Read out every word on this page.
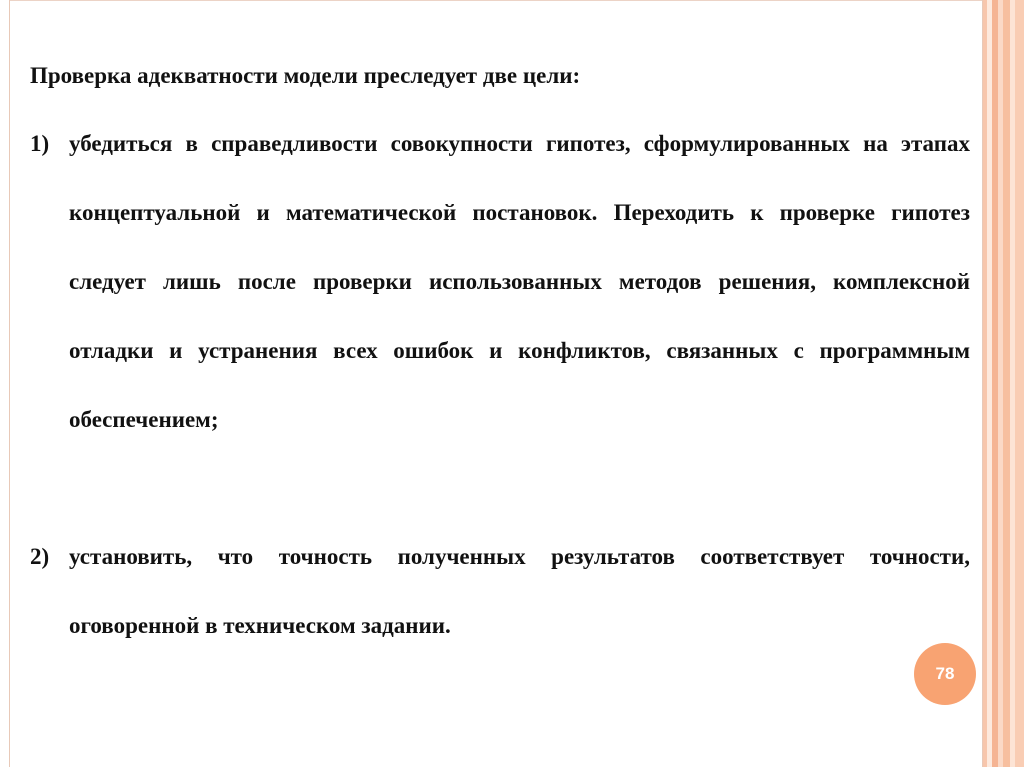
Проверка адекватности модели преследует две цели:
1) убедиться в справедливости совокупности гипотез, сформулированных на этапах концептуальной и математической постановок. Переходить к проверке гипотез следует лишь после проверки использованных методов решения, комплексной отладки и устранения всех ошибок и конфликтов, связанных с программным обеспечением;
2) установить, что точность полученных результатов соответствует точности, оговоренной в техническом задании.
78
